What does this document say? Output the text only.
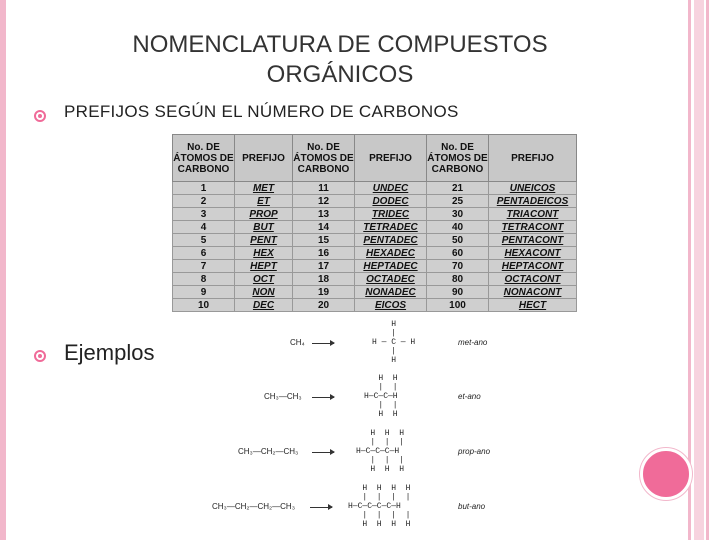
NOMENCLATURA DE COMPUESTOS ORGÁNICOS
PREFIJOS SEGÚN EL NÚMERO DE CARBONOS
No. DE ÁTOMOS DE CARBONO	PREFIJO	No. DE ÁTOMOS DE CARBONO	PREFIJO	No. DE ÁTOMOS DE CARBONO	PREFIJO
1	MET	11	UNDEC	21	UNEICOS
2	ET	12	DODEC	25	PENTADEICOS
3	PROP	13	TRIDEC	30	TRIACONT
4	BUT	14	TETRADEC	40	TETRACONT
5	PENT	15	PENTADEC	50	PENTACONT
6	HEX	16	HEXADEC	60	HEXACONT
7	HEPT	17	HEPTADEC	70	HEPTACONT
8	OCT	18	OCTADEC	80	OCTACONT
9	NON	19	NONADEC	90	NONACONT
10	DEC	20	EICOS	100	HECT
Ejemplos	CH₄
H
|
H — C — H
|
H
met-ano
CH₃—CH₃
H  H
|  |
H—C—C—H
|  |
H  H
et-ano
CH₃—CH₂—CH₃
H  H  H
|  |  |
H—C—C—C—H
|  |  |
H  H  H
prop-ano
CH₃—CH₂—CH₂—CH₃
H  H  H  H
|  |  |  |
H—C—C—C—C—H
|  |  |  |
H  H  H  H
but-ano
